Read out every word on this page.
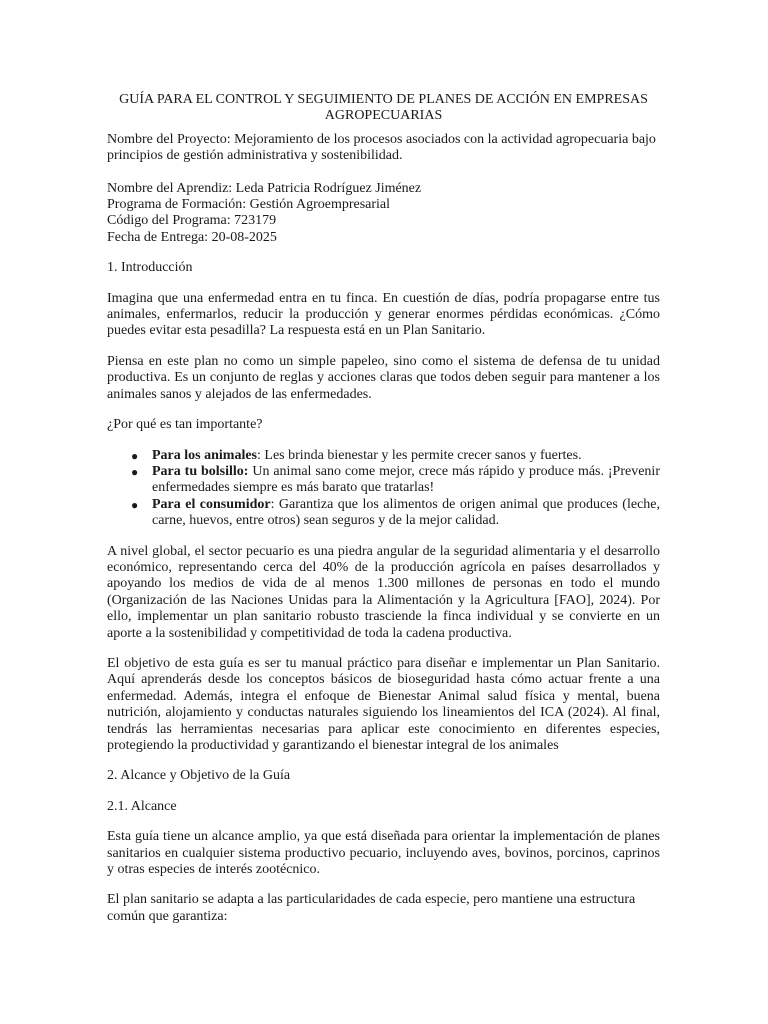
GUÍA PARA EL CONTROL Y SEGUIMIENTO DE PLANES DE ACCIÓN EN EMPRESAS
AGROPECUARIAS

Nombre del Proyecto: Mejoramiento de los procesos asociados con la actividad agropecuaria bajo principios de gestión administrativa y sostenibilidad.

Nombre del Aprendiz: Leda Patricia Rodríguez Jiménez
Programa de Formación: Gestión Agroempresarial
Código del Programa: 723179
Fecha de Entrega: 20-08-2025

1. Introducción

Imagina que una enfermedad entra en tu finca. En cuestión de días, podría propagarse entre tus animales, enfermarlos, reducir la producción y generar enormes pérdidas económicas. ¿Cómo puedes evitar esta pesadilla? La respuesta está en un Plan Sanitario.

Piensa en este plan no como un simple papeleo, sino como el sistema de defensa de tu unidad productiva. Es un conjunto de reglas y acciones claras que todos deben seguir para mantener a los animales sanos y alejados de las enfermedades.

¿Por qué es tan importante?

● Para los animales: Les brinda bienestar y les permite crecer sanos y fuertes.
● Para tu bolsillo: Un animal sano come mejor, crece más rápido y produce más. ¡Prevenir enfermedades siempre es más barato que tratarlas!
● Para el consumidor: Garantiza que los alimentos de origen animal que produces (leche, carne, huevos, entre otros) sean seguros y de la mejor calidad.

A nivel global, el sector pecuario es una piedra angular de la seguridad alimentaria y el desarrollo económico, representando cerca del 40% de la producción agrícola en países desarrollados y apoyando los medios de vida de al menos 1.300 millones de personas en todo el mundo (Organización de las Naciones Unidas para la Alimentación y la Agricultura [FAO], 2024). Por ello, implementar un plan sanitario robusto trasciende la finca individual y se convierte en un aporte a la sostenibilidad y competitividad de toda la cadena productiva.

El objetivo de esta guía es ser tu manual práctico para diseñar e implementar un Plan Sanitario. Aquí aprenderás desde los conceptos básicos de bioseguridad hasta cómo actuar frente a una enfermedad. Además, integra el enfoque de Bienestar Animal salud física y mental, buena nutrición, alojamiento y conductas naturales siguiendo los lineamientos del ICA (2024). Al final, tendrás las herramientas necesarias para aplicar este conocimiento en diferentes especies, protegiendo la productividad y garantizando el bienestar integral de los animales

2. Alcance y Objetivo de la Guía

2.1. Alcance

Esta guía tiene un alcance amplio, ya que está diseñada para orientar la implementación de planes sanitarios en cualquier sistema productivo pecuario, incluyendo aves, bovinos, porcinos, caprinos y otras especies de interés zootécnico.

El plan sanitario se adapta a las particularidades de cada especie, pero mantiene una estructura común que garantiza:
